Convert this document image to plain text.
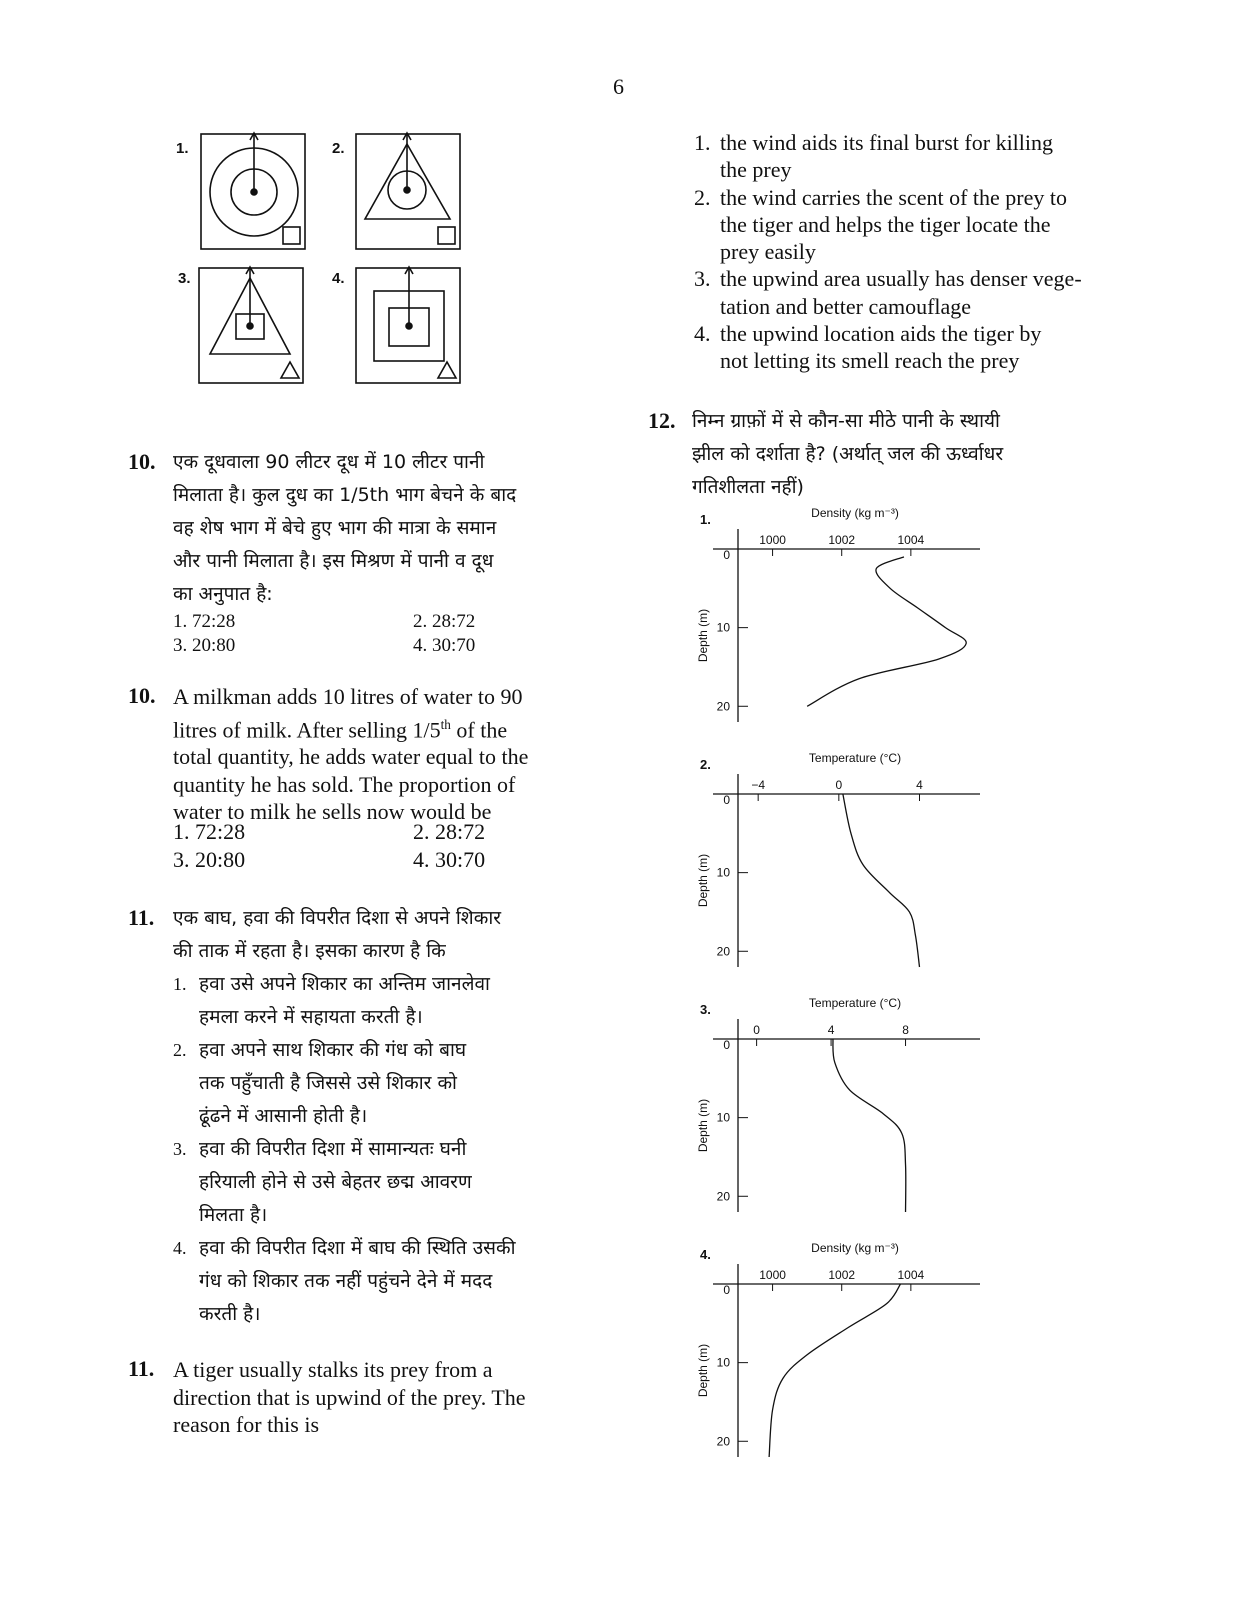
6
1.	2.
3.	4.
10. एक दूधवाला 90 लीटर दूध में 10 लीटर पानी
मिलाता है। कुल दुध का 1/5th भाग बेचने के बाद
वह शेष भाग में बेचे हुए भाग की मात्रा के समान
और पानी मिलाता है। इस मिश्रण में पानी व दूध
का अनुपात है:
1. 72:28	2. 28:72
3. 20:80	4. 30:70
10. A milkman adds 10 litres of water to 90
litres of milk. After selling 1/5th of the
total quantity, he adds water equal to the
quantity he has sold. The proportion of
water to milk he sells now would be
1. 72:28	2. 28:72
3. 20:80	4. 30:70
11. एक बाघ, हवा की विपरीत दिशा से अपने शिकार
की ताक में रहता है। इसका कारण है कि
1. हवा उसे अपने शिकार का अन्तिम जानलेवा
हमला करने में सहायता करती है।
2. हवा अपने साथ शिकार की गंध को बाघ
तक पहुँचाती है जिससे उसे शिकार को
ढूंढने में आसानी होती है।
3. हवा की विपरीत दिशा में सामान्यतः घनी
हरियाली होने से उसे बेहतर छद्म आवरण
मिलता है।
4. हवा की विपरीत दिशा में बाघ की स्थिति उसकी
गंध को शिकार तक नहीं पहुंचने देने में मदद
करती है।
11. A tiger usually stalks its prey from a
direction that is upwind of the prey. The
reason for this is
1. the wind aids its final burst for killing
the prey
2. the wind carries the scent of the prey to
the tiger and helps the tiger locate the
prey easily
3. the upwind area usually has denser vege-
tation and better camouflage
4. the upwind location aids the tiger by
not letting its smell reach the prey
12. निम्न ग्राफ़ों में से कौन-सा मीठे पानी के स्थायी
झील को दर्शाता है? (अर्थात् जल की ऊर्ध्वाधर
गतिशीलता नहीं)
1.	Density (kg m⁻³)
1000	1002	1004
0
10
20
Depth (m)
2.	Temperature (°C)
−4	0	4
0
10
20
Depth (m)
3.	Temperature (°C)
0	4	8
0
10
20
Depth (m)
4.	Density (kg m⁻³)
1000	1002	1004
0
10
20
Depth (m)
